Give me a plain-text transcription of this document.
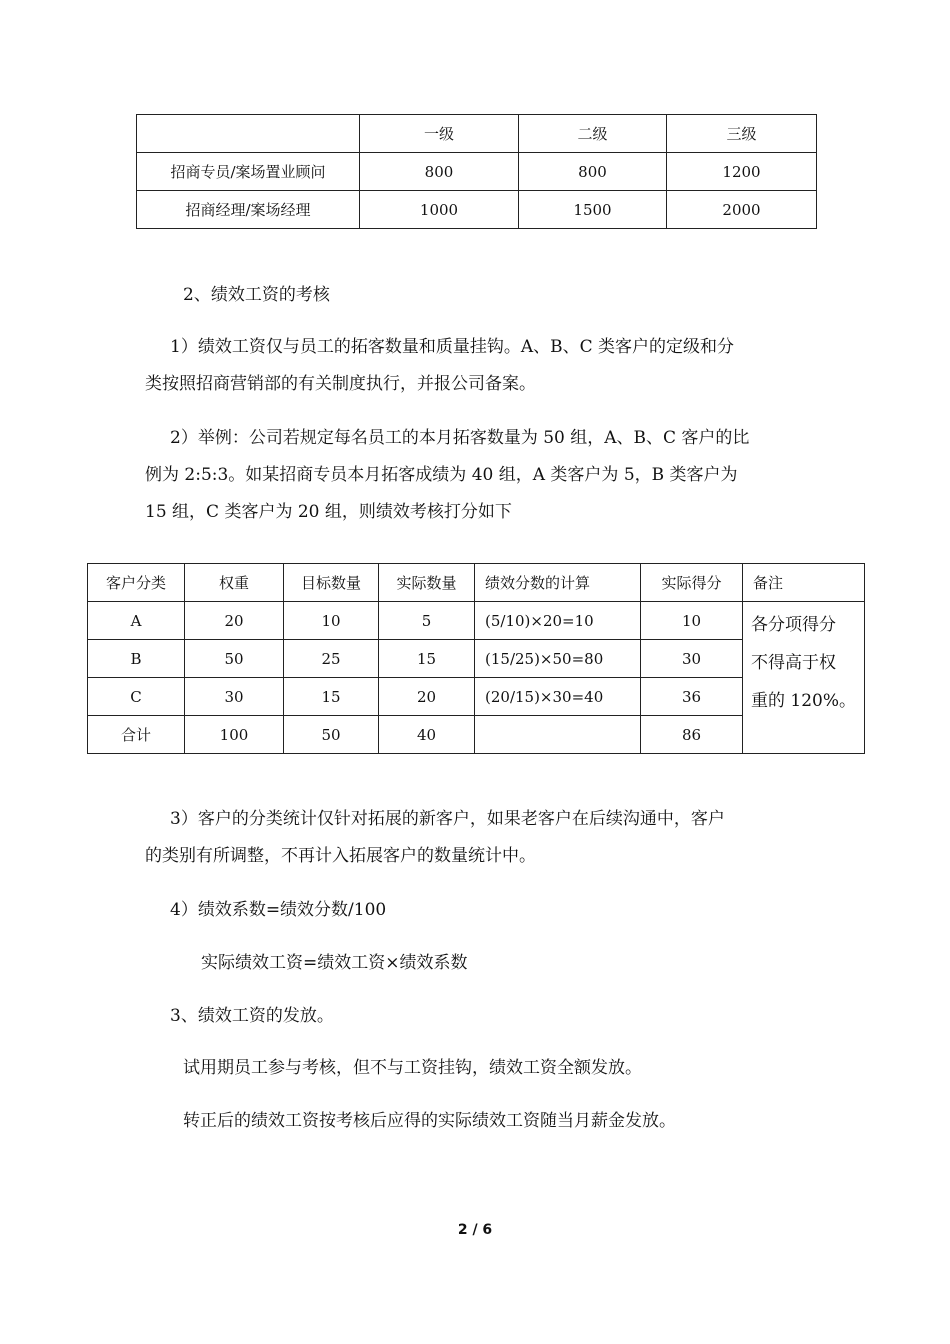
	一级	二级	三级
招商专员/案场置业顾问	800	800	1200
招商经理/案场经理	1000	1500	2000
2、绩效工资的考核
1）绩效工资仅与员工的拓客数量和质量挂钩。A、B、C 类客户的定级和分
类按照招商营销部的有关制度执行，并报公司备案。
2）举例：公司若规定每名员工的本月拓客数量为 50 组，A、B、C 客户的比
例为 2:5:3。如某招商专员本月拓客成绩为 40 组，A 类客户为 5，B 类客户为
15 组，C 类客户为 20 组，则绩效考核打分如下
客户分类	权重	目标数量	实际数量	绩效分数的计算	实际得分	备注
A	20	10	5	(5/10)×20=10	10	各分项得分
不得高于权
重的 120%。

B	50	25	15	(15/25)×50=80	30	
C	30	15	20	(20/15)×30=40	36	
合计	100	50	40		86	
3）客户的分类统计仅针对拓展的新客户，如果老客户在后续沟通中，客户
的类别有所调整，不再计入拓展客户的数量统计中。
4）绩效系数=绩效分数/100
实际绩效工资=绩效工资×绩效系数
3、绩效工资的发放。
试用期员工参与考核，但不与工资挂钩，绩效工资全额发放。
转正后的绩效工资按考核后应得的实际绩效工资随当月薪金发放。
2 / 6
